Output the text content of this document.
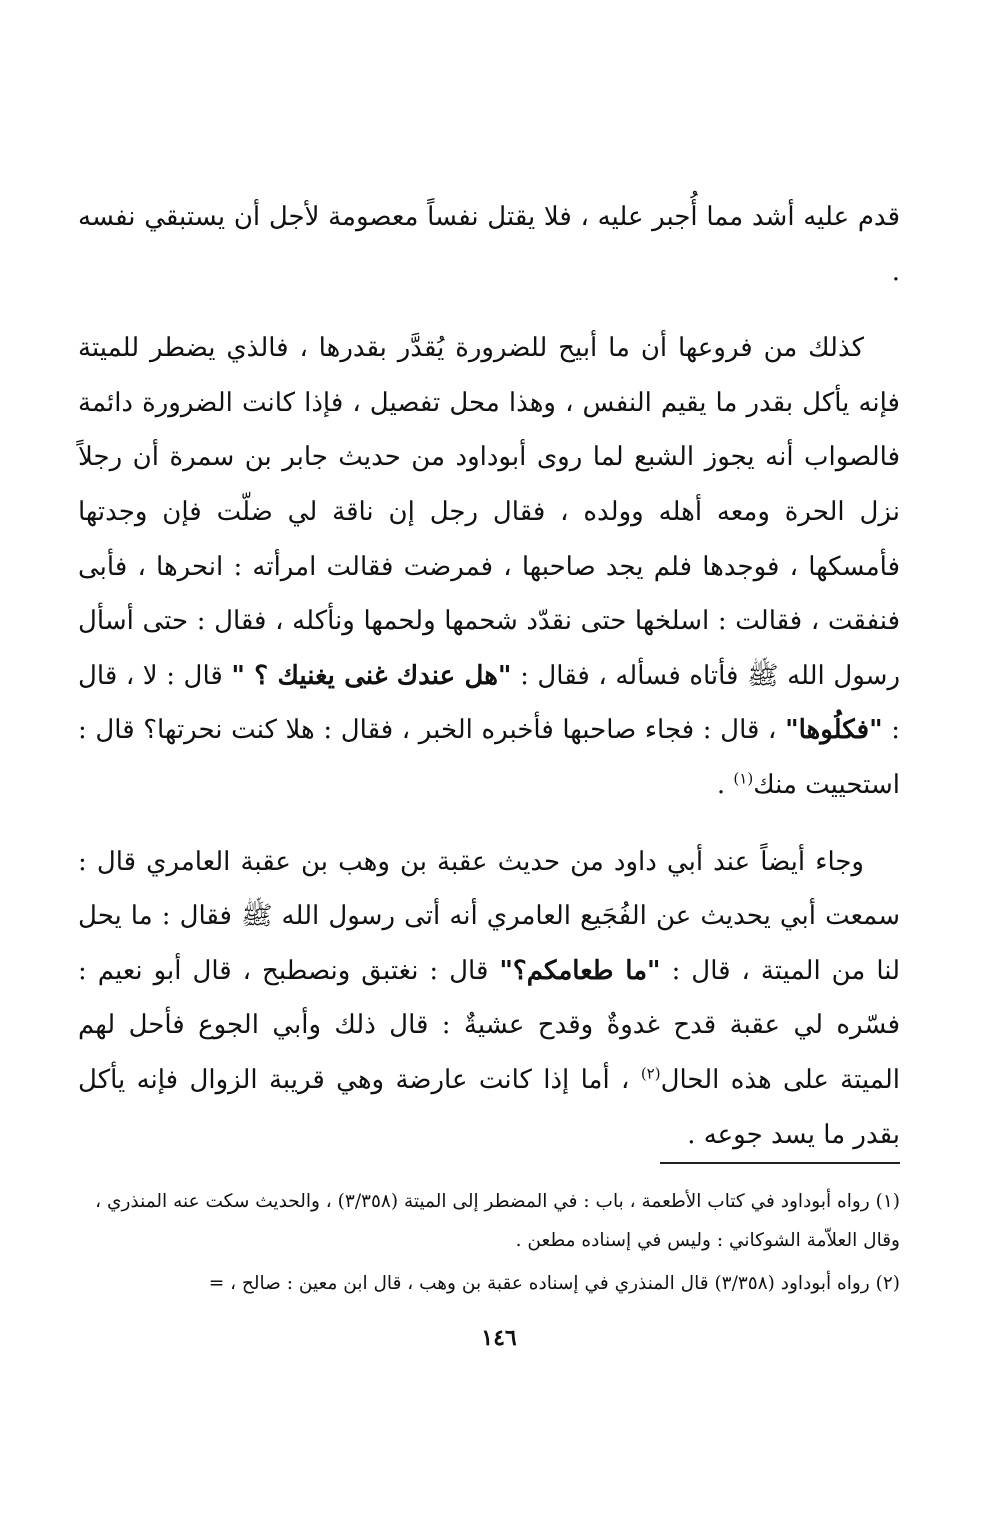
قدم عليه أشد مما أُجبر عليه ، فلا يقتل نفساً معصومة لأجل أن يستبقي نفسه .

كذلك من فروعها أن ما أبيح للضرورة يُقدَّر بقدرها ، فالذي يضطر للميتة فإنه يأكل بقدر ما يقيم النفس ، وهذا محل تفصيل ، فإذا كانت الضرورة دائمة فالصواب أنه يجوز الشبع لما روى أبوداود من حديث جابر بن سمرة أن رجلاً نزل الحرة ومعه أهله وولده ، فقال رجل إن ناقة لي ضلّت فإن وجدتها فأمسكها ، فوجدها فلم يجد صاحبها ، فمرضت فقالت امرأته : انحرها ، فأبى فنفقت ، فقالت : اسلخها حتى نقدّد شحمها ولحمها ونأكله ، فقال : حتى أسأل رسول الله ﷺ فأتاه فسأله ، فقال : "هل عندك غنى يغنيك ؟ " قال : لا ، قال : "فكلُوها" ، قال : فجاء صاحبها فأخبره الخبر ، فقال : هلا كنت نحرتها؟ قال : استحييت منك$^{(١)}$ .

وجاء أيضاً عند أبي داود من حديث عقبة بن وهب بن عقبة العامري قال : سمعت أبي يحديث عن الفُجَيع العامري أنه أتى رسول الله ﷺ فقال : ما يحل لنا من الميتة ، قال : "ما طعامكم؟" قال : نغتبق ونصطبح ، قال أبو نعيم : فسّره لي عقبة قدح غدوةٌ وقدح عشيةٌ : قال ذلك وأبي الجوع فأحل لهم الميتة على هذه الحال$^{(٢)}$ ، أما إذا كانت عارضة وهي قريبة الزوال فإنه يأكل بقدر ما يسد جوعه .

(١) رواه أبوداود في كتاب الأطعمة ، باب : في المضطر إلى الميتة (٣/٣٥٨) ، والحديث سكت عنه المنذري ،
وقال العلاّمة الشوكاني : وليس في إسناده مطعن .

(٢) رواه أبوداود (٣/٣٥٨) قال المنذري في إسناده عقبة بن وهب ، قال ابن معين : صالح ، =

١٤٦
